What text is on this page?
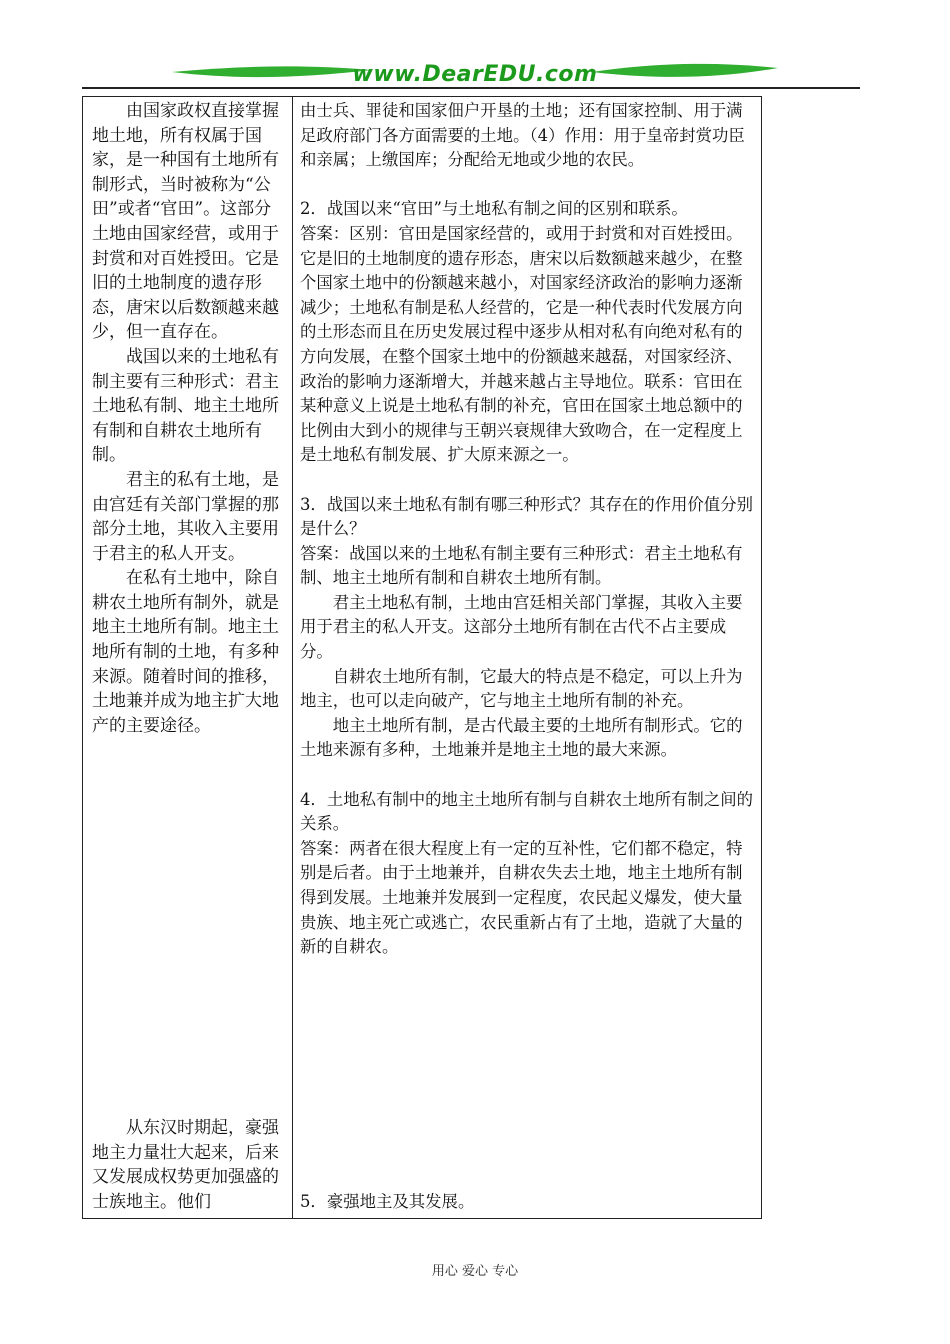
www.DearEDU.com

由国家政权直接掌握地土地，所有权属于国家，是一种国有土地所有制形式，当时被称为“公田”或者“官田”。这部分土地由国家经营，或用于封赏和对百姓授田。它是旧的土地制度的遗存形态，唐宋以后数额越来越少，但一直存在。

战国以来的土地私有制主要有三种形式：君主土地私有制、地主土地所有制和自耕农土地所有制。

君主的私有土地，是由宫廷有关部门掌握的那部分土地，其收入主要用于君主的私人开支。

在私有土地中，除自耕农土地所有制外，就是地主土地所有制。地主土地所有制的土地，有多种来源。随着时间的推移，土地兼并成为地主扩大地产的主要途径。

从东汉时期起，豪强地主力量壮大起来，后来又发展成权势更加强盛的士族地主。他们

由士兵、罪徒和国家佃户开垦的土地；还有国家控制、用于满足政府部门各方面需要的土地。（4）作用：用于皇帝封赏功臣和亲属；上缴国库；分配给无地或少地的农民。

2．战国以来“官田”与土地私有制之间的区别和联系。

答案：区别：官田是国家经营的，或用于封赏和对百姓授田。它是旧的土地制度的遗存形态，唐宋以后数额越来越少，在整个国家土地中的份额越来越小，对国家经济政治的影响力逐渐减少；土地私有制是私人经营的，它是一种代表时代发展方向的土形态而且在历史发展过程中逐步从相对私有向绝对私有的方向发展，在整个国家土地中的份额越来越磊，对国家经济、政治的影响力逐渐增大，并越来越占主导地位。联系：官田在某种意义上说是土地私有制的补充，官田在国家土地总额中的比例由大到小的规律与王朝兴衰规律大致吻合，在一定程度上是土地私有制发展、扩大原来源之一。

3．战国以来土地私有制有哪三种形式？其存在的作用价值分别是什么？

答案：战国以来的土地私有制主要有三种形式：君主土地私有制、地主土地所有制和自耕农土地所有制。

君主土地私有制，土地由宫廷相关部门掌握，其收入主要用于君主的私人开支。这部分土地所有制在古代不占主要成分。

自耕农土地所有制，它最大的特点是不稳定，可以上升为地主，也可以走向破产，它与地主土地所有制的补充。

地主土地所有制，是古代最主要的土地所有制形式。它的土地来源有多种，土地兼并是地主土地的最大来源。

4．土地私有制中的地主土地所有制与自耕农土地所有制之间的关系。

答案：两者在很大程度上有一定的互补性，它们都不稳定，特别是后者。由于土地兼并，自耕农失去土地，地主土地所有制得到发展。土地兼并发展到一定程度，农民起义爆发，使大量贵族、地主死亡或逃亡，农民重新占有了土地，造就了大量的新的自耕农。

5．豪强地主及其发展。

用心 爱心 专心
